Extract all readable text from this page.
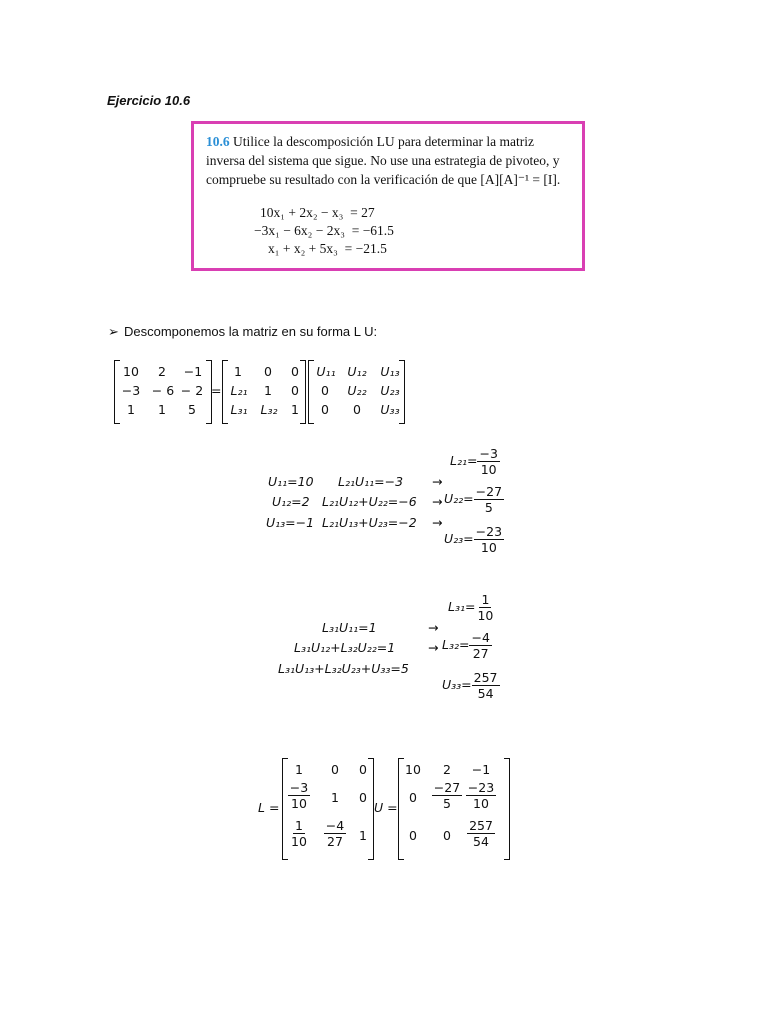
Ejercicio 10.6
10.6 Utilice la descomposición LU para determinar la matriz inversa del sistema que sigue. No use una estrategia de pivoteo, y compruebe su resultado con la verificación de que [A][A]⁻¹ = [I].
10x₁ + 2x₂ − x₃  = 27
−3x₁ − 6x₂ − 2x₃  = −61.5
x₁ + x₂ + 5x₃  = −21.5
➢ Descomponemos la matriz en su forma L U:
10	2	−1
−3 − 6 − 2
1	1	5
=
1	0	0
L₂₁	1	0
L₃₁	L₃₂	1
U₁₁ U₁₂	U₁₃
0	U₂₂	U₂₃
0	0	U₃₃
$L_{21}= \frac{-3}{10}$
U₁₁=10 L₂₁U₁₁=−3 →
U₁₂=2 $L_{21}U_{12}+U_{22}=-6 \to U_{22}= \frac{-27}{5}$
U₁₃=−1 L₂₁U₁₃+U₂₃=−2 →
$U_{23}= \frac{-23}{10}$
$L_{31}= \frac{1}{10}$
L₃₁U₁₁=1	→
L₃₁U₁₂+L₃₂U₂₂=1	→ $L_{32}= \frac{-4}{27}$
L₃₁U₁₃+L₃₂U₂₃+U₃₃=5
$U_{33}= \frac{257}{54}$
L =
1	0	0
$\frac{-3}{10}$	1	0
$\frac{1}{10} \frac{-4}{27}$	1
U =
10	2	−1
0	$\frac{-27}{5} \frac{-23}{10}$
0	0	$\frac{257}{54}$
